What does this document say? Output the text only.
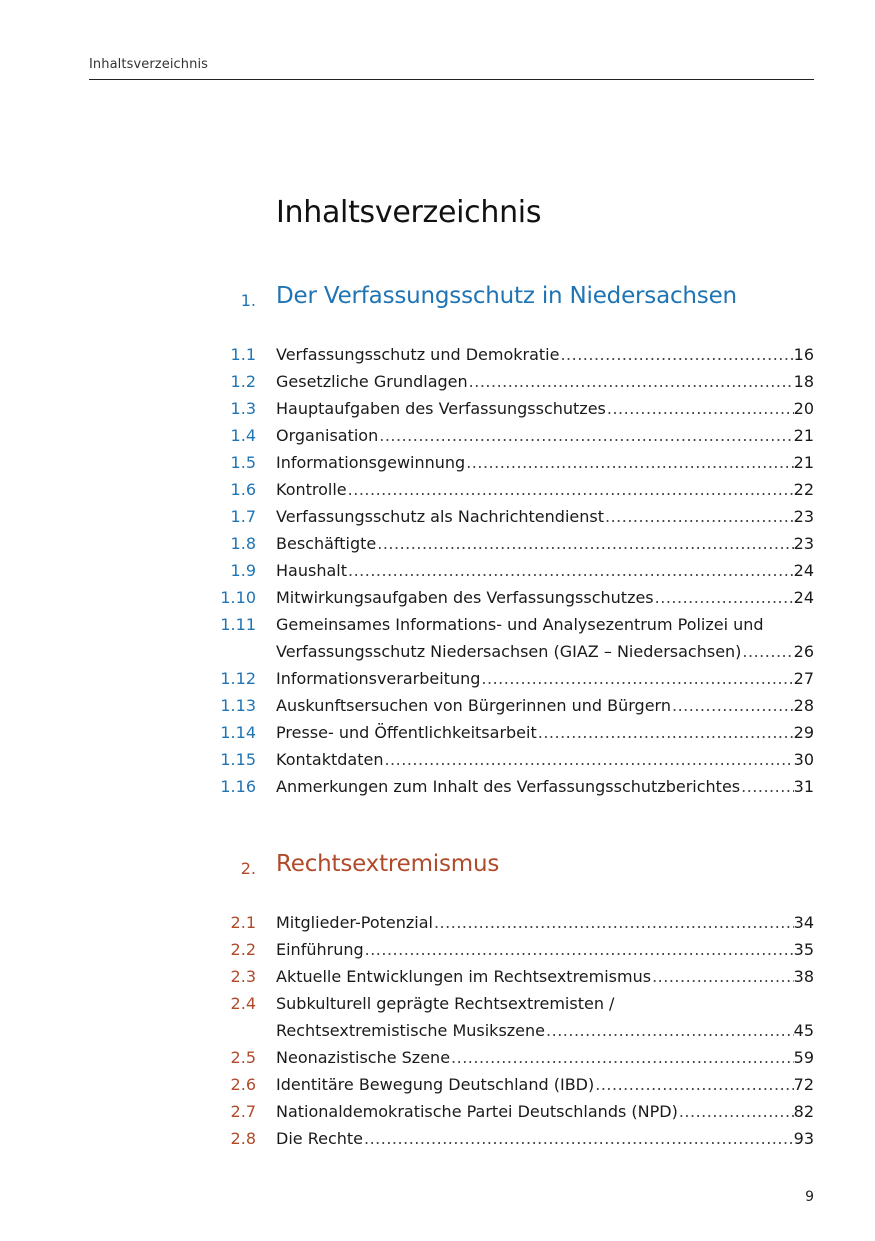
Inhaltsverzeichnis
Inhaltsverzeichnis
1. Der Verfassungsschutz in Niedersachsen
1.1 Verfassungsschutz und Demokratie .....	16
1.2 Gesetzliche Grundlagen .....	18
1.3 Hauptaufgaben des Verfassungsschutzes .....	20
1.4 Organisation .....	21
1.5 Informationsgewinnung .....	21
1.6 Kontrolle .....	22
1.7 Verfassungsschutz als Nachrichtendienst .....	23
1.8 Beschäftigte .....	23
1.9 Haushalt .....	24
1.10 Mitwirkungsaufgaben des Verfassungsschutzes .....	24
1.11 Gemeinsames Informations- und Analysezentrum Polizei und
Verfassungsschutz Niedersachsen (GIAZ – Niedersachsen) .....	26
1.12 Informationsverarbeitung .....	27
1.13 Auskunftsersuchen von Bürgerinnen und Bürgern .....	28
1.14 Presse- und Öffentlichkeitsarbeit .....	29
1.15 Kontaktdaten .....	30
1.16 Anmerkungen zum Inhalt des Verfassungsschutzberichtes .....	31
2. Rechtsextremismus
2.1 Mitglieder-Potenzial .....	34
2.2 Einführung .....	35
2.3 Aktuelle Entwicklungen im Rechtsextremismus .....	38
2.4 Subkulturell geprägte Rechtsextremisten /
Rechtsextremistische Musikszene .....	45
2.5 Neonazistische Szene .....	59
2.6 Identitäre Bewegung Deutschland (IBD) .....	72
2.7 Nationaldemokratische Partei Deutschlands (NPD) .....	82
2.8 Die Rechte .....	93
9
